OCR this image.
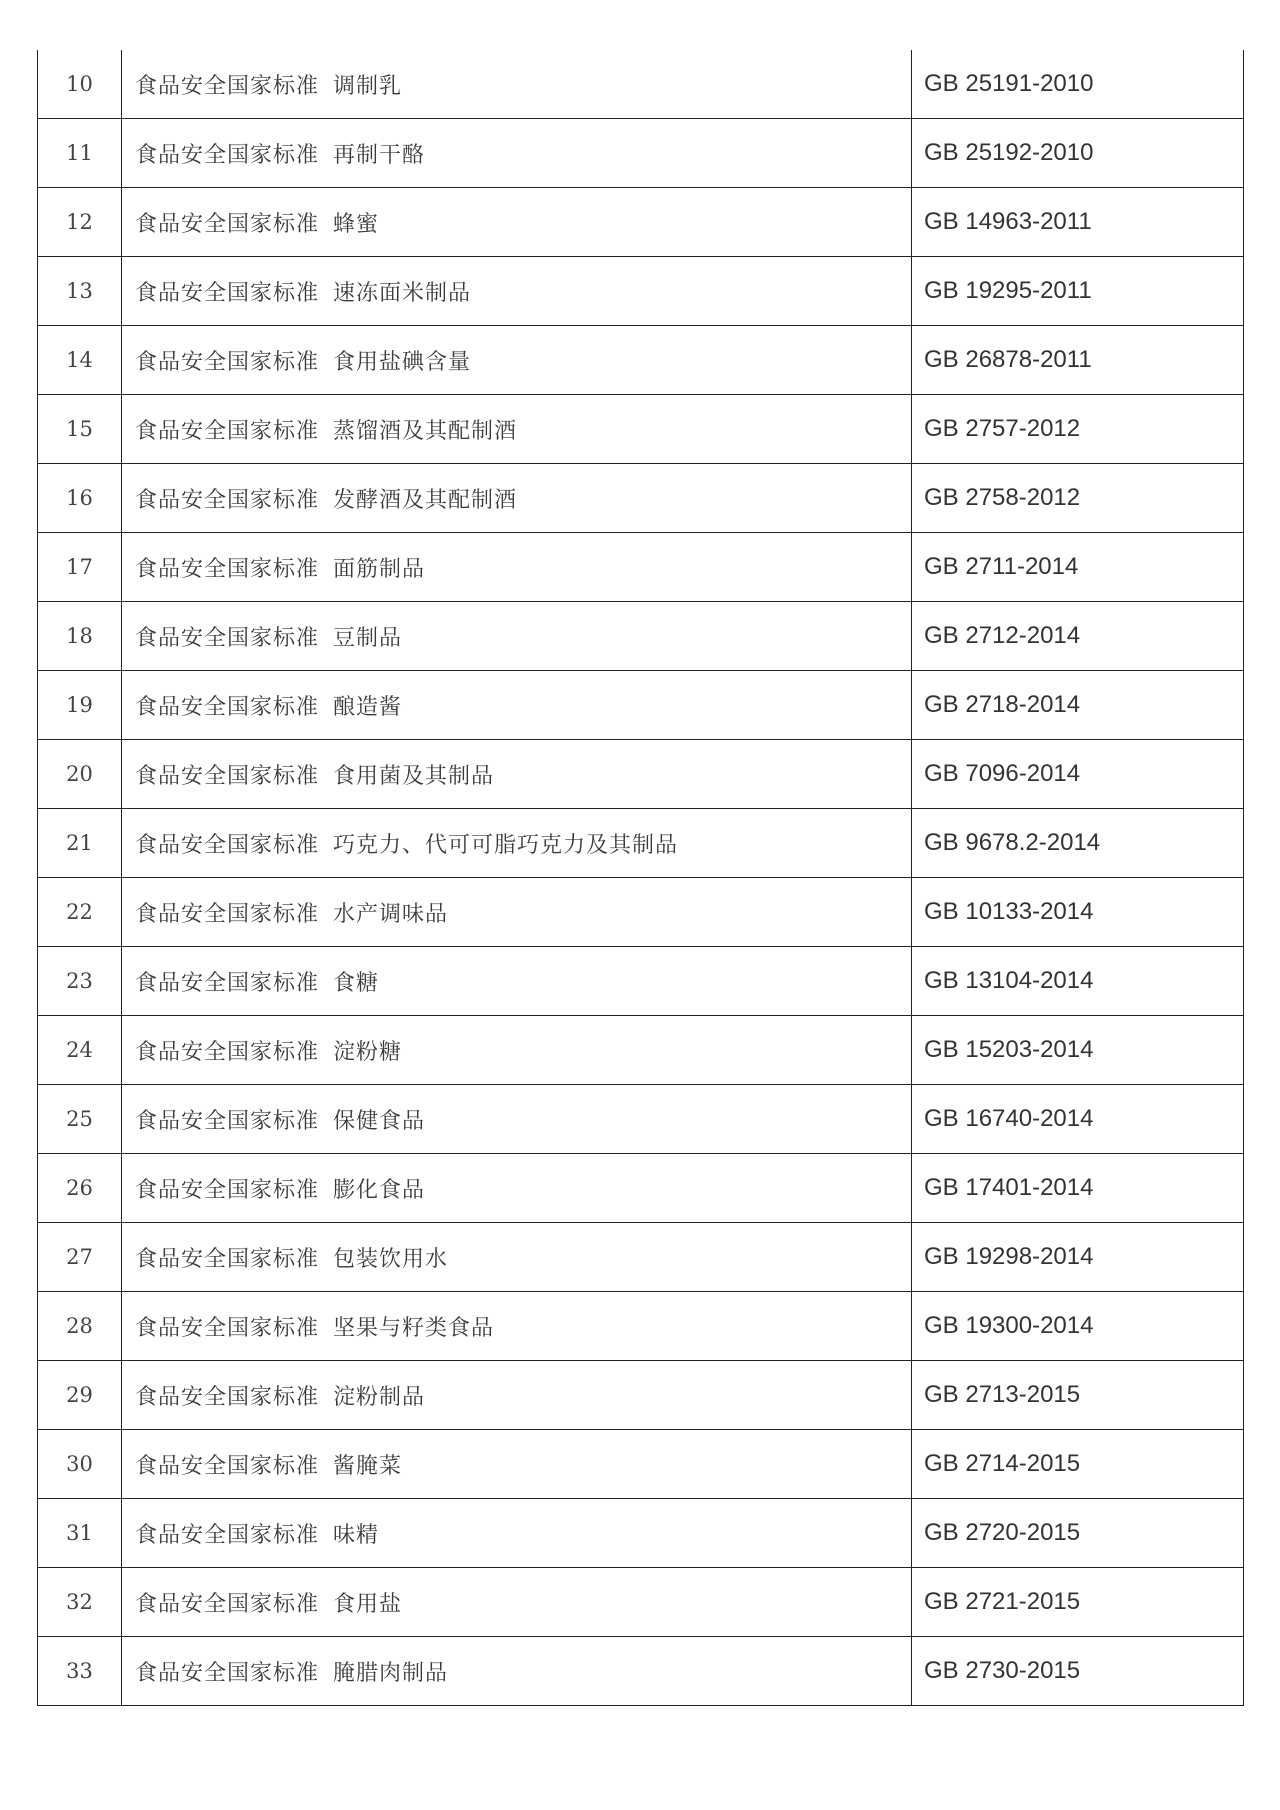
10	食品安全国家标准 调制乳	GB 25191-2010
11	食品安全国家标准 再制干酪	GB 25192-2010
12	食品安全国家标准 蜂蜜	GB 14963-2011
13	食品安全国家标准 速冻面米制品	GB 19295-2011
14	食品安全国家标准 食用盐碘含量	GB 26878-2011
15	食品安全国家标准 蒸馏酒及其配制酒	GB 2757-2012
16	食品安全国家标准 发酵酒及其配制酒	GB 2758-2012
17	食品安全国家标准 面筋制品	GB 2711-2014
18	食品安全国家标准 豆制品	GB 2712-2014
19	食品安全国家标准 酿造酱	GB 2718-2014
20	食品安全国家标准 食用菌及其制品	GB 7096-2014
21	食品安全国家标准 巧克力、代可可脂巧克力及其制品	GB 9678.2-2014
22	食品安全国家标准 水产调味品	GB 10133-2014
23	食品安全国家标准 食糖	GB 13104-2014
24	食品安全国家标准 淀粉糖	GB 15203-2014
25	食品安全国家标准 保健食品	GB 16740-2014
26	食品安全国家标准 膨化食品	GB 17401-2014
27	食品安全国家标准 包装饮用水	GB 19298-2014
28	食品安全国家标准 坚果与籽类食品	GB 19300-2014
29	食品安全国家标准 淀粉制品	GB 2713-2015
30	食品安全国家标准 酱腌菜	GB 2714-2015
31	食品安全国家标准 味精	GB 2720-2015
32	食品安全国家标准 食用盐	GB 2721-2015
33	食品安全国家标准 腌腊肉制品	GB 2730-2015
